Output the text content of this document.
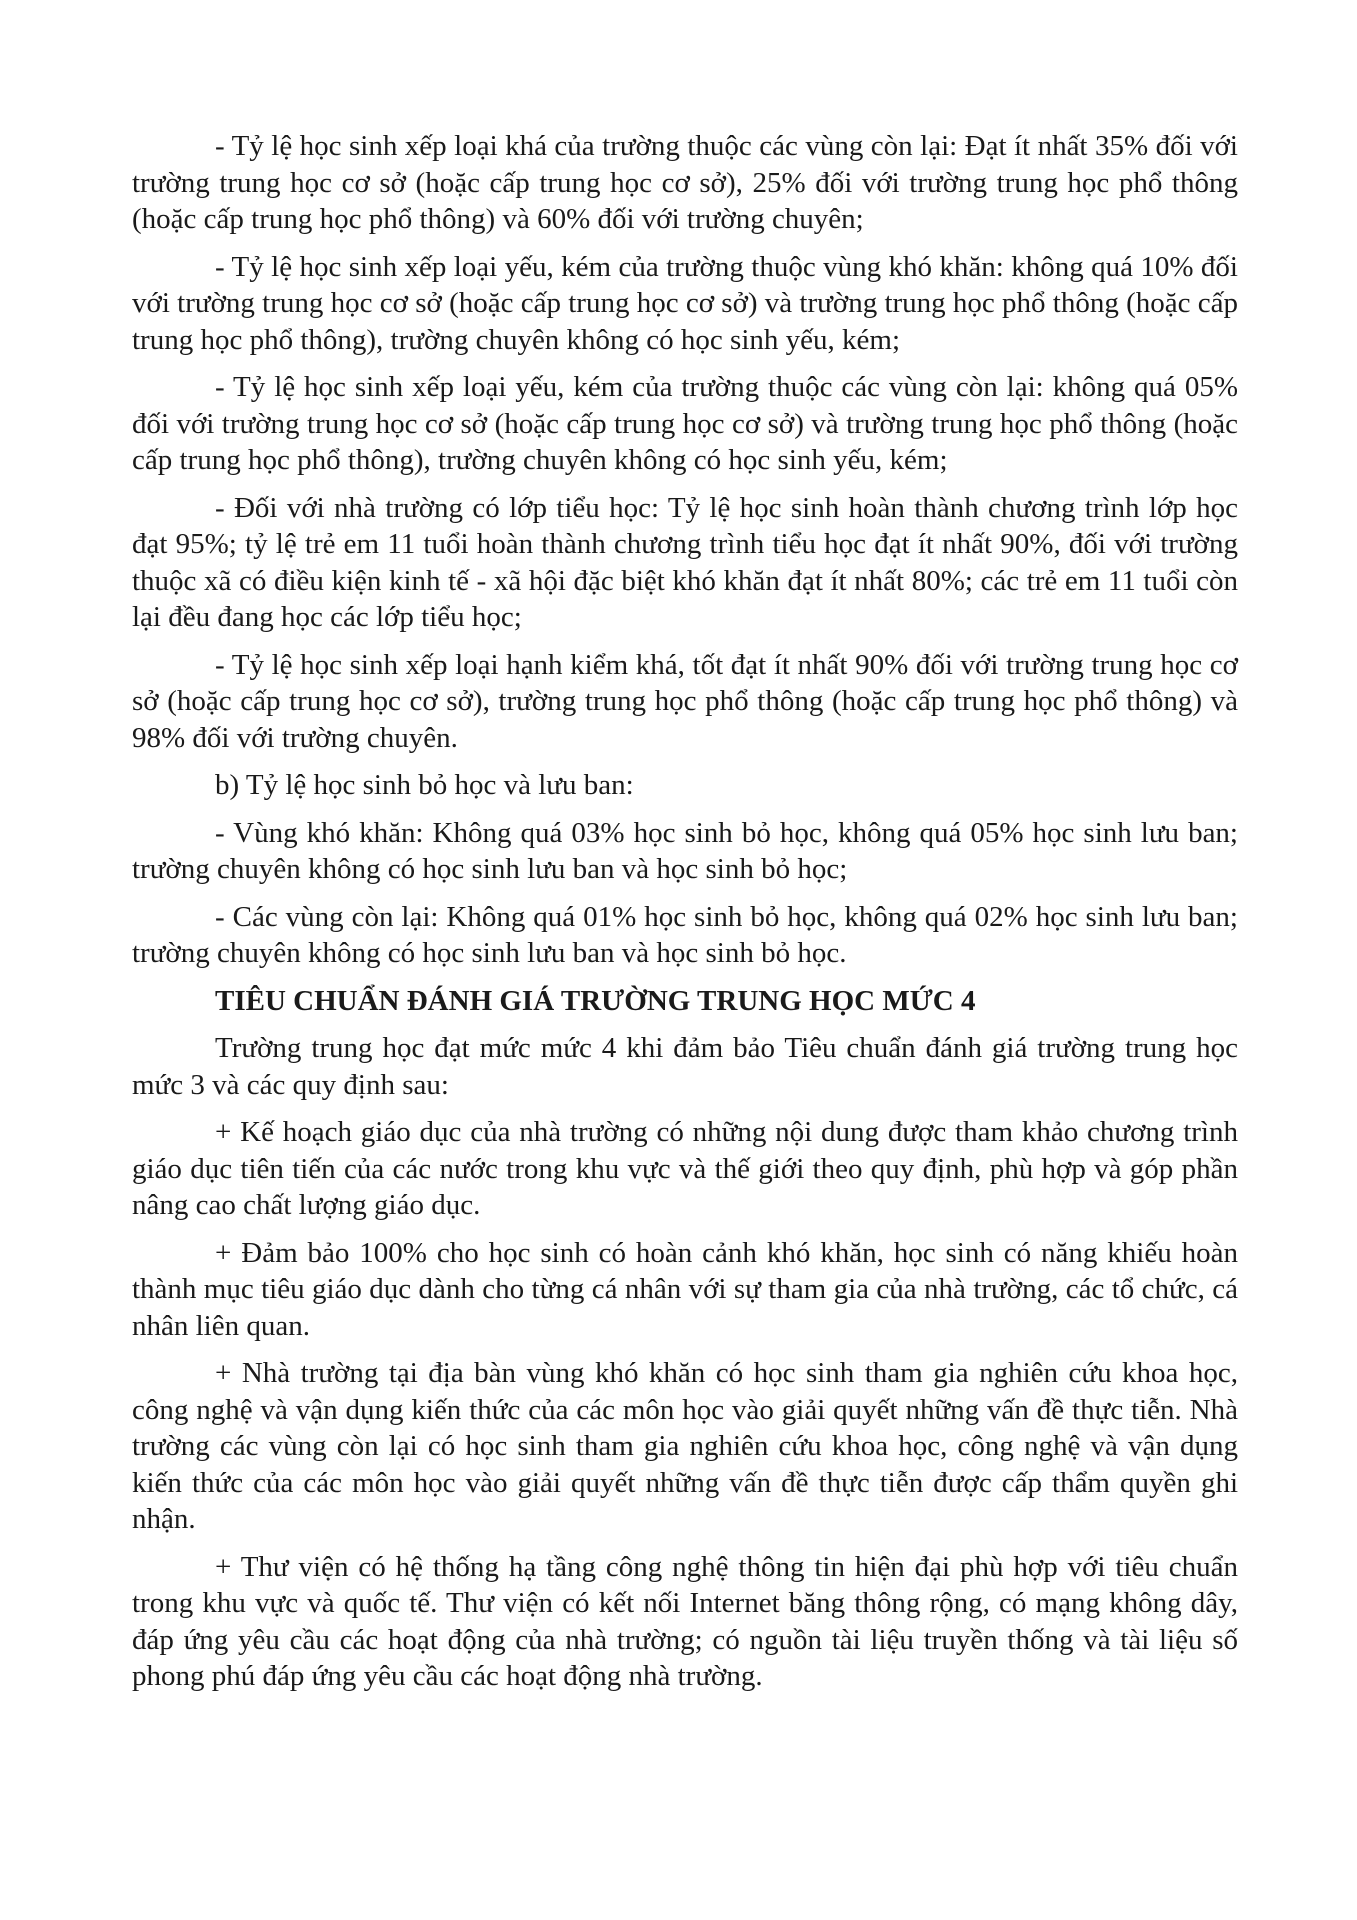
- Tỷ lệ học sinh xếp loại khá của trường thuộc các vùng còn lại: Đạt ít nhất 35% đối với trường trung học cơ sở (hoặc cấp trung học cơ sở), 25% đối với trường trung học phổ thông (hoặc cấp trung học phổ thông) và 60% đối với trường chuyên;

- Tỷ lệ học sinh xếp loại yếu, kém của trường thuộc vùng khó khăn: không quá 10% đối với trường trung học cơ sở (hoặc cấp trung học cơ sở) và trường trung học phổ thông (hoặc cấp trung học phổ thông), trường chuyên không có học sinh yếu, kém;

- Tỷ lệ học sinh xếp loại yếu, kém của trường thuộc các vùng còn lại: không quá 05% đối với trường trung học cơ sở (hoặc cấp trung học cơ sở) và trường trung học phổ thông (hoặc cấp trung học phổ thông), trường chuyên không có học sinh yếu, kém;

- Đối với nhà trường có lớp tiểu học: Tỷ lệ học sinh hoàn thành chương trình lớp học đạt 95%; tỷ lệ trẻ em 11 tuổi hoàn thành chương trình tiểu học đạt ít nhất 90%, đối với trường thuộc xã có điều kiện kinh tế - xã hội đặc biệt khó khăn đạt ít nhất 80%; các trẻ em 11 tuổi còn lại đều đang học các lớp tiểu học;

- Tỷ lệ học sinh xếp loại hạnh kiểm khá, tốt đạt ít nhất 90% đối với trường trung học cơ sở (hoặc cấp trung học cơ sở), trường trung học phổ thông (hoặc cấp trung học phổ thông) và 98% đối với trường chuyên.

b) Tỷ lệ học sinh bỏ học và lưu ban:

- Vùng khó khăn: Không quá 03% học sinh bỏ học, không quá 05% học sinh lưu ban; trường chuyên không có học sinh lưu ban và học sinh bỏ học;

- Các vùng còn lại: Không quá 01% học sinh bỏ học, không quá 02% học sinh lưu ban; trường chuyên không có học sinh lưu ban và học sinh bỏ học.

TIÊU CHUẨN ĐÁNH GIÁ TRƯỜNG TRUNG HỌC MỨC 4

Trường trung học đạt mức mức 4 khi đảm bảo Tiêu chuẩn đánh giá trường trung học mức 3 và các quy định sau:

+ Kế hoạch giáo dục của nhà trường có những nội dung được tham khảo chương trình giáo dục tiên tiến của các nước trong khu vực và thế giới theo quy định, phù hợp và góp phần nâng cao chất lượng giáo dục.

+ Đảm bảo 100% cho học sinh có hoàn cảnh khó khăn, học sinh có năng khiếu hoàn thành mục tiêu giáo dục dành cho từng cá nhân với sự tham gia của nhà trường, các tổ chức, cá nhân liên quan.

+ Nhà trường tại địa bàn vùng khó khăn có học sinh tham gia nghiên cứu khoa học, công nghệ và vận dụng kiến thức của các môn học vào giải quyết những vấn đề thực tiễn. Nhà trường các vùng còn lại có học sinh tham gia nghiên cứu khoa học, công nghệ và vận dụng kiến thức của các môn học vào giải quyết những vấn đề thực tiễn được cấp thẩm quyền ghi nhận.

+ Thư viện có hệ thống hạ tầng công nghệ thông tin hiện đại phù hợp với tiêu chuẩn trong khu vực và quốc tế. Thư viện có kết nối Internet băng thông rộng, có mạng không dây, đáp ứng yêu cầu các hoạt động của nhà trường; có nguồn tài liệu truyền thống và tài liệu số phong phú đáp ứng yêu cầu các hoạt động nhà trường.
